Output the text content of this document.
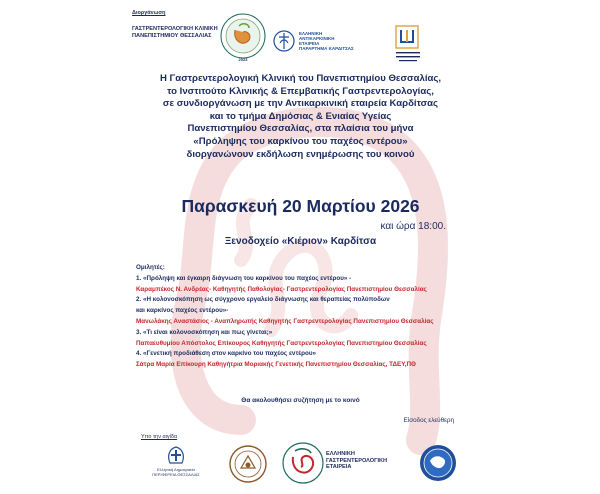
Διοργάνωση
ΓΑΣΤΡΕΝΤΕΡΟΛΟΓΙΚΗ ΚΛΙΝΙΚΗ ΠΑΝΕΠΙΣΤΗΜΙΟΥ ΘΕΣΣΑΛΙΑΣ
2023
ΕΛΛΗΝΙΚΗ
ΑΝΤΙΚΑΡΚΙΝΙΚΗ
ΕΤΑΙΡΕΙΑ
ΠΑΡΑΡΤΗΜΑ ΚΑΡΔΙΤΣΑΣ
Η Γαστρεντερολογική Κλινική του Πανεπιστημίου Θεσσαλίας,
το Ινστιτούτο Κλινικής & Επεμβατικής Γαστρεντερολογίας,
σε συνδιοργάνωση με την Αντικαρκινική εταιρεία Καρδίτσας
και το τμήμα Δημόσιας & Ενιαίας Υγείας
Πανεπιστημίου Θεσσαλίας, στα πλαίσια του μήνα
«Πρόληψης του καρκίνου του παχέος εντέρου»
διοργανώνουν εκδήλωση ενημέρωσης του κοινού
Παρασκευή 20 Μαρτίου 2026
και ώρα 18:00.
Ξενοδοχείο «Κιέριον» Καρδίτσα
Ομιλητές:
1. «Πρόληψη και έγκαιρη διάγνωση του καρκίνου του παχέος εντέρου» -
Καραμπέκος Ν. Ανδρέας- Καθηγητής Παθολογίας- Γαστρεντερολογίας Πανεπιστημίου Θεσσαλίας
2. «Η κολονοσκόπηση ως σύγχρονο εργαλείο διάγνωσης και θεραπείας πολύποδων
και καρκίνος παχέος εντέρου»-
Μανωλάκης Αναστάσιος - Αναπληρωτής Καθηγητής Γαστρεντερολογίας Πανεπιστημίου Θεσσαλίας
3. «Τι είναι κολονοσκόπηση και πως γίνεται;»
Παπαευθυμίου Απόστολος Επίκουρος Καθηγητής Γαστρεντερολογίας Πανεπιστημίου Θεσσαλίας
4. «Γενετική προδιάθεση στον καρκίνο του παχέος εντέρου»
Σάτρα Μαρία Επίκουρη Καθηγήτρια Μοριακής Γενετικής Πανεπιστημίου Θεσσαλίας, ΤΔΕΥ,ΠΘ
Θα ακολουθήσει συζήτηση με το κοινό
Είσοδος ελεύθερη
Υπο την αιγίδα
Ελληνική Δημοκρατία
ΠΕΡΙΦΕΡΕΙΑ ΘΕΣΣΑΛΙΑΣ
ΕΛΛΗΝΙΚΗ
ΓΑΣΤΡΕΝΤΕΡΟΛΟΓΙΚΗ
ΕΤΑΙΡΕΙΑ
